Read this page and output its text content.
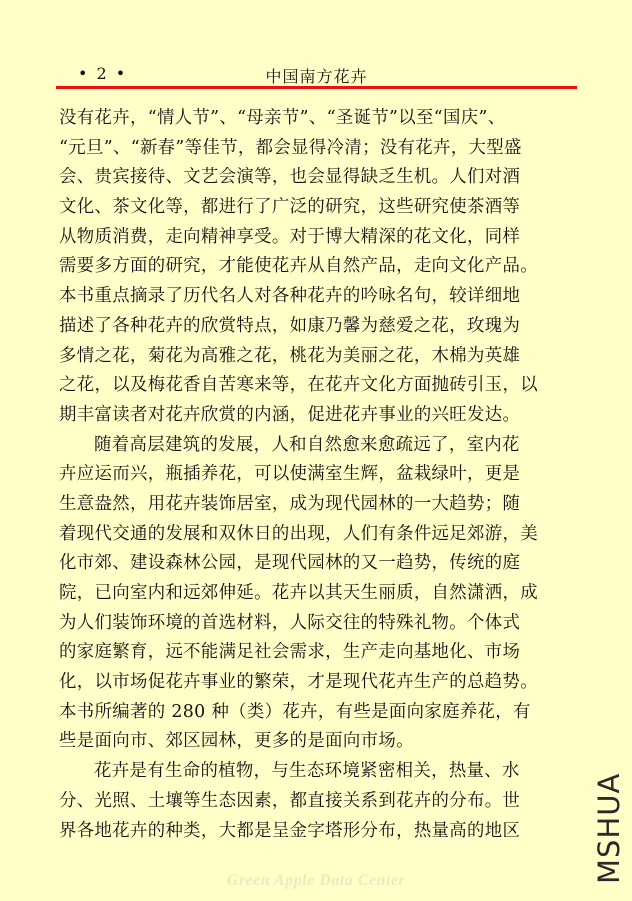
• 2 •	中国南方花卉
没有花卉，“情人节”、“母亲节”、“圣诞节”以至“国庆”、
“元旦”、“新春”等佳节，都会显得冷清；没有花卉，大型盛
会、贵宾接待、文艺会演等，也会显得缺乏生机。人们对酒
文化、茶文化等，都进行了广泛的研究，这些研究使茶酒等
从物质消费，走向精神享受。对于博大精深的花文化，同样
需要多方面的研究，才能使花卉从自然产品，走向文化产品。
本书重点摘录了历代名人对各种花卉的吟咏名句，较详细地
描述了各种花卉的欣赏特点，如康乃馨为慈爱之花，玫瑰为
多情之花，菊花为高雅之花，桃花为美丽之花，木棉为英雄
之花，以及梅花香自苦寒来等，在花卉文化方面抛砖引玉，以
期丰富读者对花卉欣赏的内涵，促进花卉事业的兴旺发达。
随着高层建筑的发展，人和自然愈来愈疏远了，室内花
卉应运而兴，瓶插养花，可以使满室生辉，盆栽绿叶，更是
生意盎然，用花卉装饰居室，成为现代园林的一大趋势；随
着现代交通的发展和双休日的出现，人们有条件远足郊游，美
化市郊、建设森林公园，是现代园林的又一趋势，传统的庭
院，已向室内和远郊伸延。花卉以其天生丽质，自然潇洒，成
为人们装饰环境的首选材料，人际交往的特殊礼物。个体式
的家庭繁育，远不能满足社会需求，生产走向基地化、市场
化，以市场促花卉事业的繁荣，才是现代花卉生产的总趋势。
本书所编著的 280 种（类）花卉，有些是面向家庭养花，有
些是面向市、郊区园林，更多的是面向市场。
花卉是有生命的植物，与生态环境紧密相关，热量、水
分、光照、土壤等生态因素，都直接关系到花卉的分布。世
界各地花卉的种类，大都是呈金字塔形分布，热量高的地区	MSHUA
Green Apple Data Center
